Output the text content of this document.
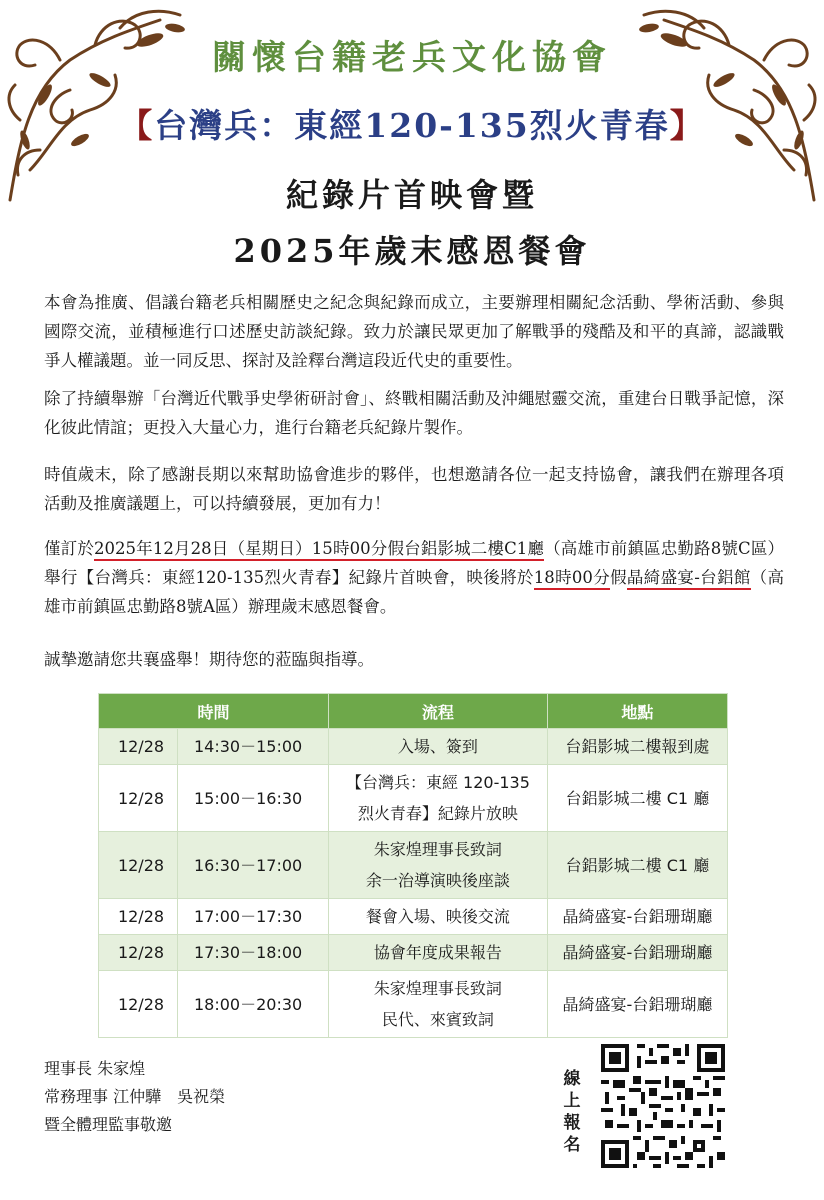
關懷台籍老兵文化協會
【台灣兵：東經120-135烈火青春】
紀錄片首映會暨
2025年歲末感恩餐會
本會為推廣、倡議台籍老兵相關歷史之紀念與紀錄而成立，主要辦理相關紀念活動、學術活動、參與國際交流，並積極進行口述歷史訪談紀錄。致力於讓民眾更加了解戰爭的殘酷及和平的真諦，認識戰爭人權議題。並一同反思、探討及詮釋台灣這段近代史的重要性。
除了持續舉辦「台灣近代戰爭史學術研討會」、終戰相關活動及沖繩慰靈交流，重建台日戰爭記憶，深化彼此情誼；更投入大量心力，進行台籍老兵紀錄片製作。
時值歲末，除了感謝長期以來幫助協會進步的夥伴，也想邀請各位一起支持協會，讓我們在辦理各項活動及推廣議題上，可以持續發展，更加有力！
僅訂於2025年12月28日（星期日）15時00分假台鋁影城二樓C1廳（高雄市前鎮區忠勤路8號C區）舉行【台灣兵：東經120-135烈火青春】紀錄片首映會，映後將於18時00分假晶綺盛宴-台鋁館（高雄市前鎮區忠勤路8號A區）辦理歲末感恩餐會。
誠摯邀請您共襄盛舉！期待您的蒞臨與指導。
時間		流程	地點
12/28	14:30－15:00	入場、簽到	台鋁影城二樓報到處
12/28	15:00－16:30	【台灣兵：東經 120-135
烈火青春】紀錄片放映	台鋁影城二樓 C1 廳
12/28	16:30－17:00	朱家煌理事長致詞
余一治導演映後座談	台鋁影城二樓 C1 廳
12/28	17:00－17:30	餐會入場、映後交流	晶綺盛宴-台鋁珊瑚廳
12/28	17:30－18:00	協會年度成果報告	晶綺盛宴-台鋁珊瑚廳
12/28	18:00－20:30	朱家煌理事長致詞
民代、來賓致詞	晶綺盛宴-台鋁珊瑚廳
理事長 朱家煌
常務理事 江仲驊　吳祝榮
暨全體理監事敬邀
線上報名
